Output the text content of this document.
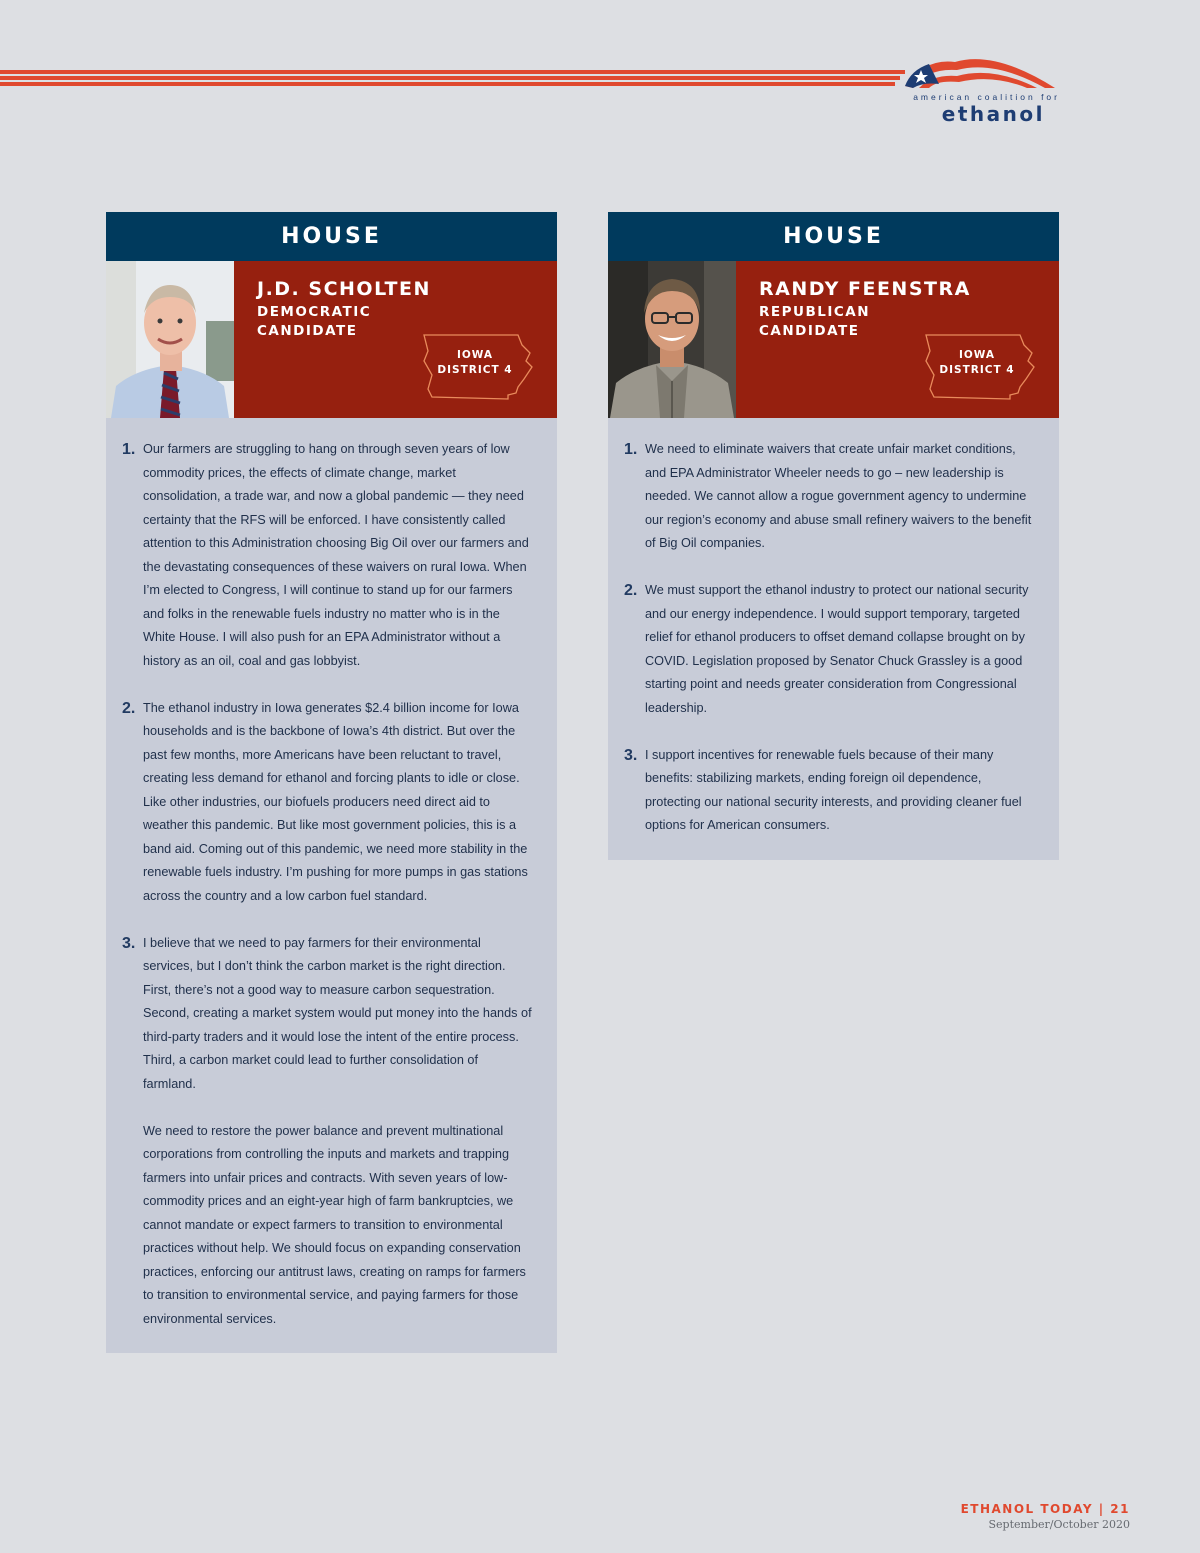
american coalition for
ethanol
HOUSE
J.D. SCHOLTEN
DEMOCRATIC CANDIDATE
IOWA
DISTRICT 4
1. Our farmers are struggling to hang on through seven years of low commodity prices, the effects of climate change, market consolidation, a trade war, and now a global pandemic — they need certainty that the RFS will be enforced. I have consistently called attention to this Administration choosing Big Oil over our farmers and the devastating consequences of these waivers on rural Iowa. When I’m elected to Congress, I will continue to stand up for our farmers and folks in the renewable fuels industry no matter who is in the White House. I will also push for an EPA Administrator without a history as an oil, coal and gas lobbyist.

2. The ethanol industry in Iowa generates $2.4 billion income for Iowa households and is the backbone of Iowa’s 4th district. But over the past few months, more Americans have been reluctant to travel, creating less demand for ethanol and forcing plants to idle or close. Like other industries, our biofuels producers need direct aid to weather this pandemic. But like most government policies, this is a band aid. Coming out of this pandemic, we need more stability in the renewable fuels industry. I’m pushing for more pumps in gas stations across the country and a low carbon fuel standard.

3. I believe that we need to pay farmers for their environmental services, but I don’t think the carbon market is the right direction. First, there’s not a good way to measure carbon sequestration. Second, creating a market system would put money into the hands of third-party traders and it would lose the intent of the entire process. Third, a carbon market could lead to further consolidation of farmland.

We need to restore the power balance and prevent multinational corporations from controlling the inputs and markets and trapping farmers into unfair prices and contracts. With seven years of low-commodity prices and an eight-year high of farm bankruptcies, we cannot mandate or expect farmers to transition to environmental practices without help. We should focus on expanding conservation practices, enforcing our antitrust laws, creating on ramps for farmers to transition to environmental service, and paying farmers for those environmental services.

HOUSE
RANDY FEENSTRA
REPUBLICAN CANDIDATE
IOWA
DISTRICT 4
1. We need to eliminate waivers that create unfair market conditions, and EPA Administrator Wheeler needs to go – new leadership is needed. We cannot allow a rogue government agency to undermine our region’s economy and abuse small refinery waivers to the benefit of Big Oil companies.

2. We must support the ethanol industry to protect our national security and our energy independence. I would support temporary, targeted relief for ethanol producers to offset demand collapse brought on by COVID. Legislation proposed by Senator Chuck Grassley is a good starting point and needs greater consideration from Congressional leadership.

3. I support incentives for renewable fuels because of their many benefits: stabilizing markets, ending foreign oil dependence, protecting our national security interests, and providing cleaner fuel options for American consumers.

ETHANOL TODAY | 21
September/October 2020
